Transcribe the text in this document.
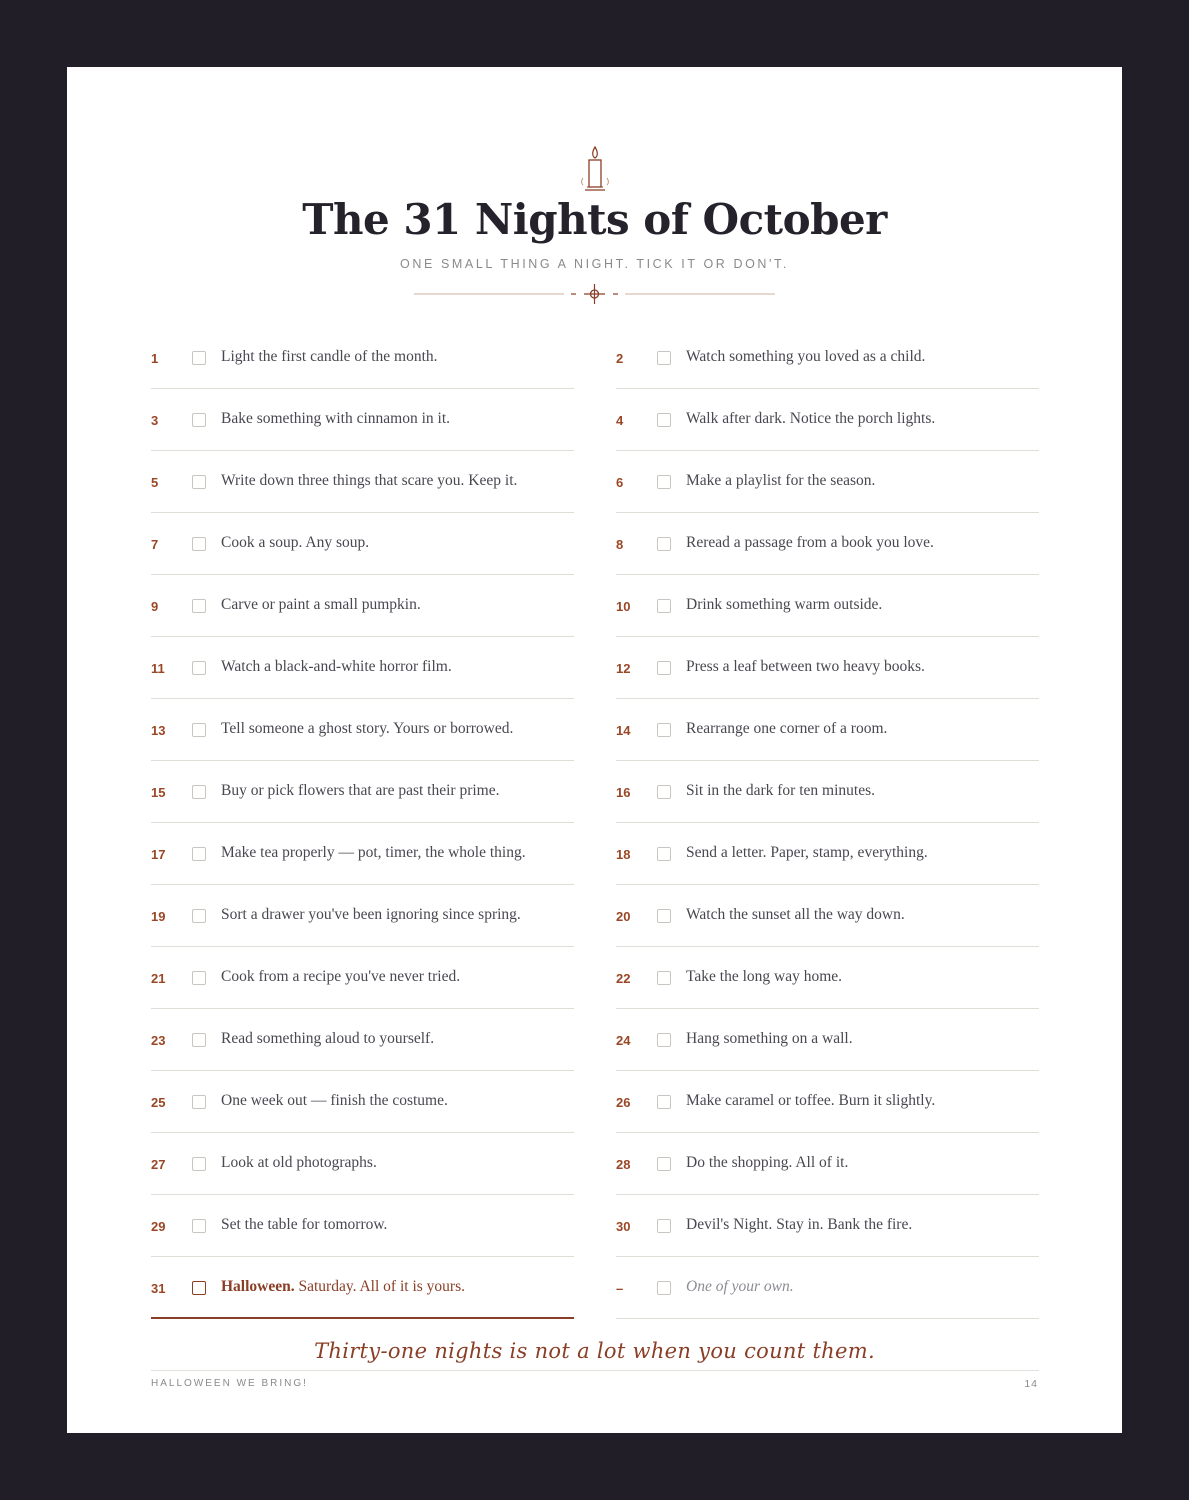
The 31 Nights of October
ONE SMALL THING A NIGHT. TICK IT OR DON'T.
1	Light the first candle of the month.	2	Watch something you loved as a child.
3	Bake something with cinnamon in it.	4	Walk after dark. Notice the porch lights.
5	Write down three things that scare you. Keep it.	6	Make a playlist for the season.
7	Cook a soup. Any soup.	8	Reread a passage from a book you love.
9	Carve or paint a small pumpkin.	10	Drink something warm outside.
11	Watch a black-and-white horror film.	12	Press a leaf between two heavy books.
13	Tell someone a ghost story. Yours or borrowed.	14	Rearrange one corner of a room.
15	Buy or pick flowers that are past their prime.	16	Sit in the dark for ten minutes.
17	Make tea properly — pot, timer, the whole thing.	18	Send a letter. Paper, stamp, everything.
19	Sort a drawer you've been ignoring since spring.	20	Watch the sunset all the way down.
21	Cook from a recipe you've never tried.	22	Take the long way home.
23	Read something aloud to yourself.	24	Hang something on a wall.
25	One week out — finish the costume.	26	Make caramel or toffee. Burn it slightly.
27	Look at old photographs.	28	Do the shopping. All of it.
29	Set the table for tomorrow.	30	Devil's Night. Stay in. Bank the fire.
31	Halloween. Saturday. All of it is yours.	–	One of your own.
Thirty-one nights is not a lot when you count them.
HALLOWEEN WE BRING!	14
